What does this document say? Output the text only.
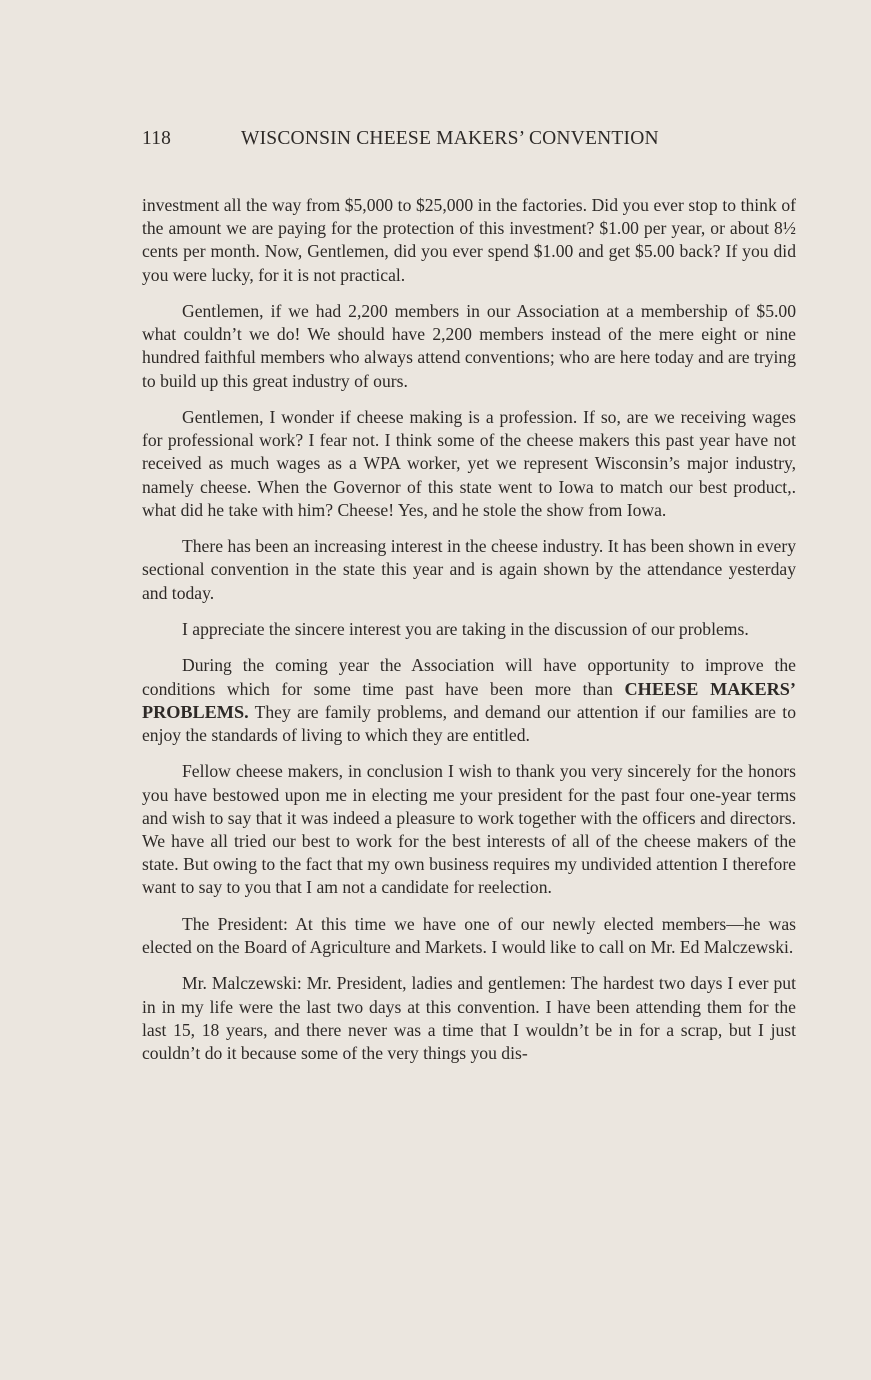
118	WISCONSIN CHEESE MAKERS’ CONVENTION

investment all the way from $5,000 to $25,000 in the factories. Did you ever stop to think of the amount we are paying for the protection of this investment? $1.00 per year, or about 8½ cents per month. Now, Gentlemen, did you ever spend $1.00 and get $5.00 back? If you did you were lucky, for it is not practical.

Gentlemen, if we had 2,200 members in our Association at a membership of $5.00 what couldn’t we do! We should have 2,200 members instead of the mere eight or nine hundred faithful members who always attend conventions; who are here today and are trying to build up this great industry of ours.

Gentlemen, I wonder if cheese making is a profession. If so, are we receiving wages for professional work? I fear not. I think some of the cheese makers this past year have not received as much wages as a WPA worker, yet we represent Wisconsin’s major industry, namely cheese. When the Governor of this state went to Iowa to match our best product,. what did he take with him? Cheese! Yes, and he stole the show from Iowa.

There has been an increasing interest in the cheese industry. It has been shown in every sectional convention in the state this year and is again shown by the attendance yesterday and today.

I appreciate the sincere interest you are taking in the discussion of our problems.

During the coming year the Association will have opportunity to improve the conditions which for some time past have been more than CHEESE MAKERS’ PROBLEMS. They are family problems, and demand our attention if our families are to enjoy the standards of living to which they are entitled.

Fellow cheese makers, in conclusion I wish to thank you very sincerely for the honors you have bestowed upon me in electing me your president for the past four one-year terms and wish to say that it was indeed a pleasure to work together with the officers and directors. We have all tried our best to work for the best interests of all of the cheese makers of the state. But owing to the fact that my own business requires my undivided attention I therefore want to say to you that I am not a candidate for reelection.

The President: At this time we have one of our newly elected members—he was elected on the Board of Agriculture and Markets. I would like to call on Mr. Ed Malczewski.

Mr. Malczewski: Mr. President, ladies and gentlemen: The hardest two days I ever put in in my life were the last two days at this convention. I have been attending them for the last 15, 18 years, and there never was a time that I wouldn’t be in for a scrap, but I just couldn’t do it because some of the very things you dis-
